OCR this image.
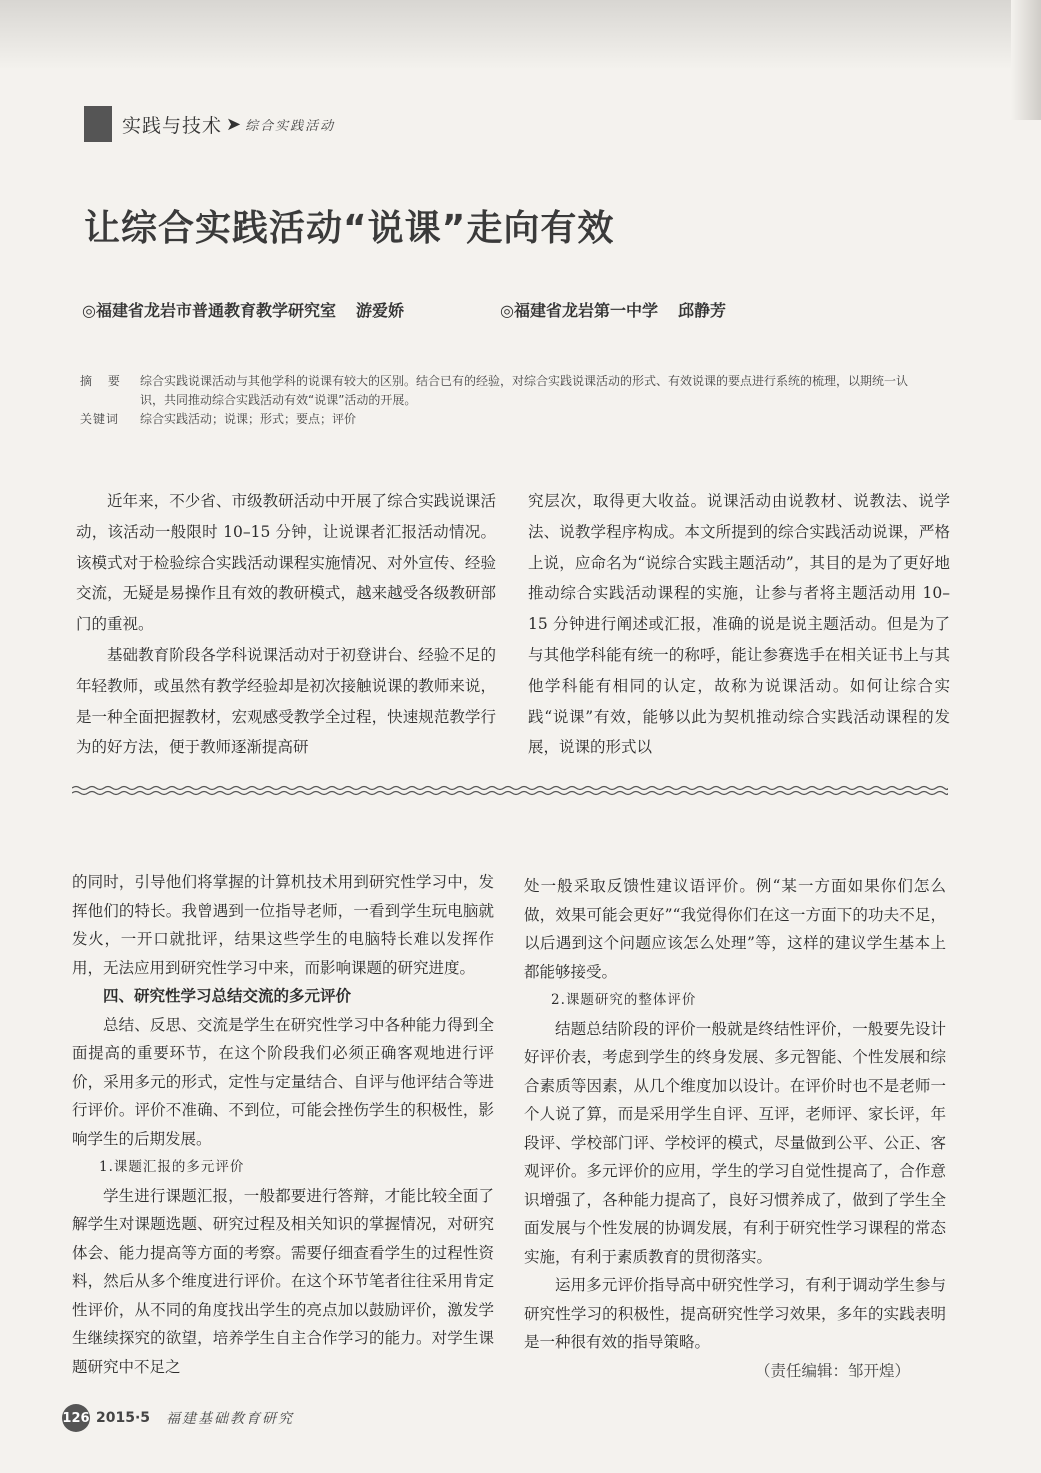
实践与技术 ➤ 综合实践活动
让综合实践活动“说课”走向有效
◎福建省龙岩市普通教育教学研究室 游爱娇	◎福建省龙岩第一中学 邱静芳
摘 要	综合实践说课活动与其他学科的说课有较大的区别。结合已有的经验，对综合实践说课活动的形式、有效说课的要点进行系统的梳理，以期统一认识，共同推动综合实践活动有效“说课”活动的开展。
关键词	综合实践活动；说课；形式；要点；评价

近年来，不少省、市级教研活动中开展了综合实践说课活动，该活动一般限时 10–15 分钟，让说课者汇报活动情况。该模式对于检验综合实践活动课程实施情况、对外宣传、经验交流，无疑是易操作且有效的教研模式，越来越受各级教研部门的重视。

基础教育阶段各学科说课活动对于初登讲台、经验不足的年轻教师，或虽然有教学经验却是初次接触说课的教师来说，是一种全面把握教材，宏观感受教学全过程，快速规范教学行为的好方法，便于教师逐渐提高研

究层次，取得更大收益。说课活动由说教材、说教法、说学法、说教学程序构成。本文所提到的综合实践活动说课，严格上说，应命名为“说综合实践主题活动”，其目的是为了更好地推动综合实践活动课程的实施，让参与者将主题活动用 10–15 分钟进行阐述或汇报，准确的说是说主题活动。但是为了与其他学科能有统一的称呼，能让参赛选手在相关证书上与其他学科能有相同的认定，故称为说课活动。如何让综合实践“说课”有效，能够以此为契机推动综合实践活动课程的发展，说课的形式以

的同时，引导他们将掌握的计算机技术用到研究性学习中，发挥他们的特长。我曾遇到一位指导老师，一看到学生玩电脑就发火，一开口就批评，结果这些学生的电脑特长难以发挥作用，无法应用到研究性学习中来，而影响课题的研究进度。

四、研究性学习总结交流的多元评价

总结、反思、交流是学生在研究性学习中各种能力得到全面提高的重要环节，在这个阶段我们必须正确客观地进行评价，采用多元的形式，定性与定量结合、自评与他评结合等进行评价。评价不准确、不到位，可能会挫伤学生的积极性，影响学生的后期发展。

1.课题汇报的多元评价

学生进行课题汇报，一般都要进行答辩，才能比较全面了解学生对课题选题、研究过程及相关知识的掌握情况，对研究体会、能力提高等方面的考察。需要仔细查看学生的过程性资料，然后从多个维度进行评价。在这个环节笔者往往采用肯定性评价，从不同的角度找出学生的亮点加以鼓励评价，激发学生继续探究的欲望，培养学生自主合作学习的能力。对学生课题研究中不足之

处一般采取反馈性建议语评价。例“某一方面如果你们怎么做，效果可能会更好”“我觉得你们在这一方面下的功夫不足，以后遇到这个问题应该怎么处理”等，这样的建议学生基本上都能够接受。

2.课题研究的整体评价

结题总结阶段的评价一般就是终结性评价，一般要先设计好评价表，考虑到学生的终身发展、多元智能、个性发展和综合素质等因素，从几个维度加以设计。在评价时也不是老师一个人说了算，而是采用学生自评、互评，老师评、家长评，年段评、学校部门评、学校评的模式，尽量做到公平、公正、客观评价。多元评价的应用，学生的学习自觉性提高了，合作意识增强了，各种能力提高了，良好习惯养成了，做到了学生全面发展与个性发展的协调发展，有利于研究性学习课程的常态实施，有利于素质教育的贯彻落实。

运用多元评价指导高中研究性学习，有利于调动学生参与研究性学习的积极性，提高研究性学习效果，多年的实践表明是一种很有效的指导策略。

（责任编辑：邹开煌）

126 2015·5 福建基础教育研究
